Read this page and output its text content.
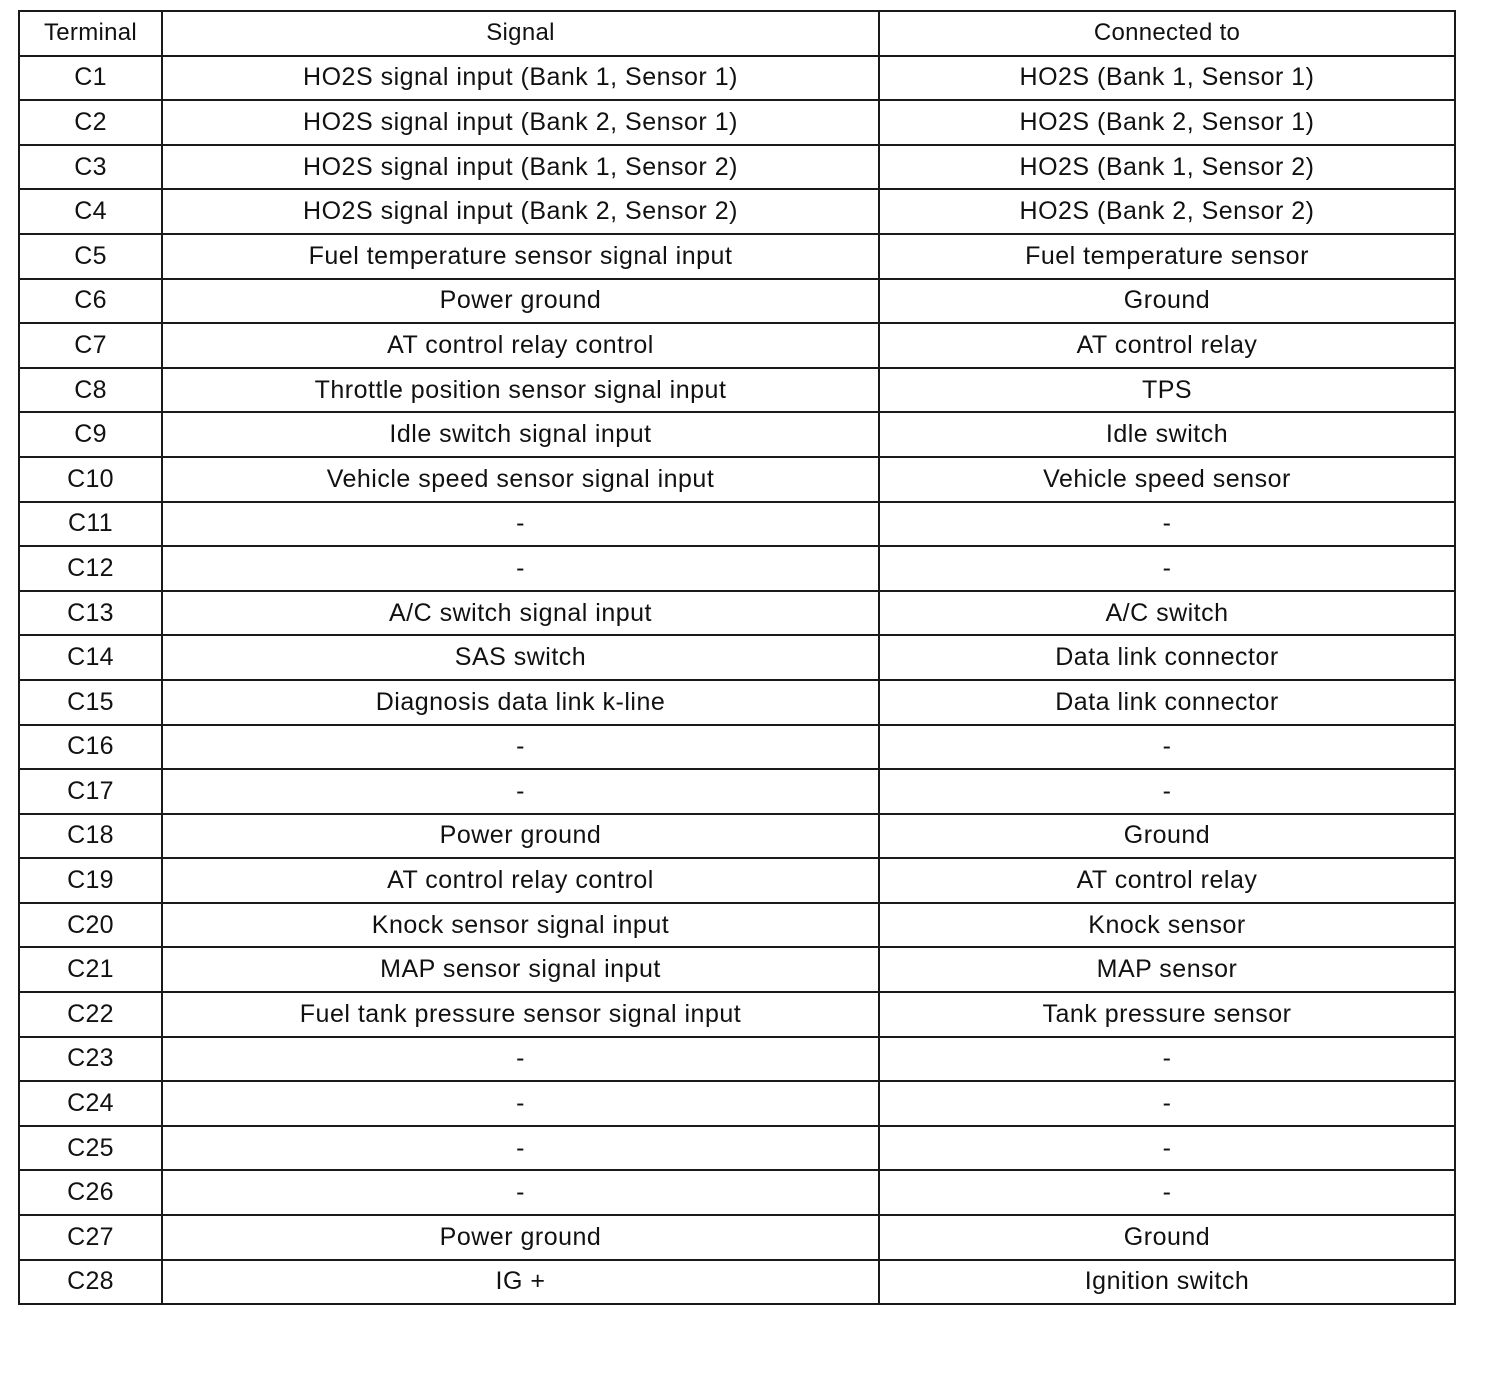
Terminal	Signal	Connected to
C1	HO2S signal input (Bank 1, Sensor 1)	HO2S (Bank 1, Sensor 1)
C2	HO2S signal input (Bank 2, Sensor 1)	HO2S (Bank 2, Sensor 1)
C3	HO2S signal input (Bank 1, Sensor 2)	HO2S (Bank 1, Sensor 2)
C4	HO2S signal input (Bank 2, Sensor 2)	HO2S (Bank 2, Sensor 2)
C5	Fuel temperature sensor signal input	Fuel temperature sensor
C6	Power ground	Ground
C7	AT control relay control	AT control relay
C8	Throttle position sensor signal input	TPS
C9	Idle switch signal input	Idle switch
C10	Vehicle speed sensor signal input	Vehicle speed sensor
C11	-	-
C12	-	-
C13	A/C switch signal input	A/C switch
C14	SAS switch	Data link connector
C15	Diagnosis data link k-line	Data link connector
C16	-	-
C17	-	-
C18	Power ground	Ground
C19	AT control relay control	AT control relay
C20	Knock sensor signal input	Knock sensor
C21	MAP sensor signal input	MAP sensor
C22	Fuel tank pressure sensor signal input	Tank pressure sensor
C23	-	-
C24	-	-
C25	-	-
C26	-	-
C27	Power ground	Ground
C28	IG +	Ignition switch
